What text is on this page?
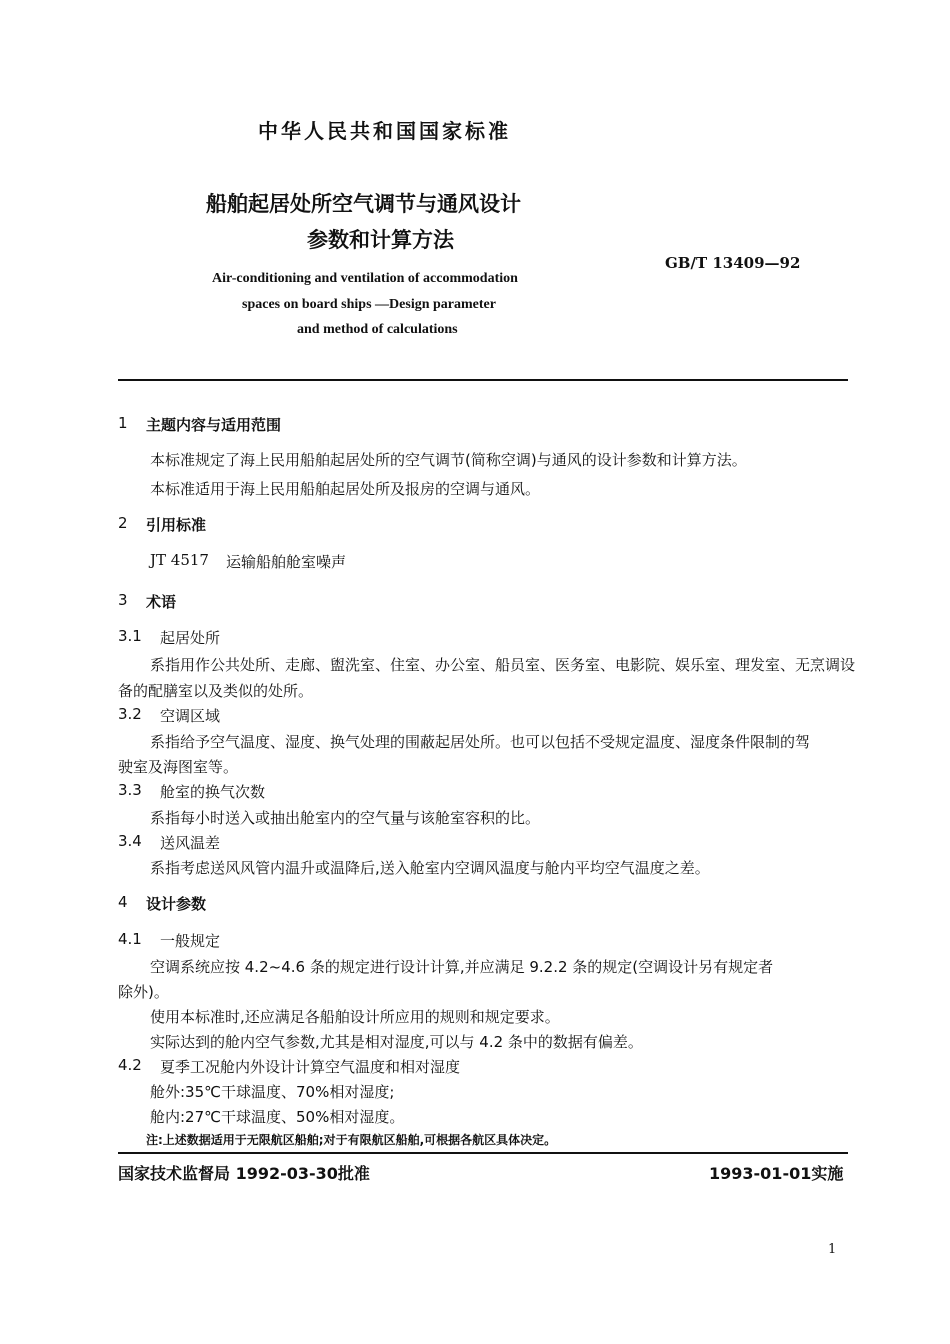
中华人民共和国国家标准
船舶起居处所空气调节与通风设计
参数和计算方法
GB/T 13409—92
Air-conditioning and ventilation of accommodation
spaces on board ships —Design parameter
and method of calculations
1 主题内容与适用范围
本标准规定了海上民用船舶起居处所的空气调节(简称空调)与通风的设计参数和计算方法。
本标准适用于海上民用船舶起居处所及报房的空调与通风。
2 引用标准
JT 4517 运输船舶舱室噪声
3 术语
3.1 起居处所
系指用作公共处所、走廊、盥洗室、住室、办公室、船员室、医务室、电影院、娱乐室、理发室、无烹调设
备的配膳室以及类似的处所。
3.2 空调区域
系指给予空气温度、湿度、换气处理的围蔽起居处所。也可以包括不受规定温度、湿度条件限制的驾
驶室及海图室等。
3.3 舱室的换气次数
系指每小时送入或抽出舱室内的空气量与该舱室容积的比。
3.4 送风温差
系指考虑送风风管内温升或温降后,送入舱室内空调风温度与舱内平均空气温度之差。
4 设计参数
4.1 一般规定
空调系统应按 4.2~4.6 条的规定进行设计计算,并应满足 9.2.2 条的规定(空调设计另有规定者
除外)。
使用本标准时,还应满足各船舶设计所应用的规则和规定要求。
实际达到的舱内空气参数,尤其是相对湿度,可以与 4.2 条中的数据有偏差。
4.2 夏季工况舱内外设计计算空气温度和相对湿度
舱外:35℃干球温度、70%相对湿度;
舱内:27℃干球温度、50%相对湿度。
注:上述数据适用于无限航区船舶;对于有限航区船舶,可根据各航区具体决定。
国家技术监督局 1992-03-30批准	1993-01-01实施
1
